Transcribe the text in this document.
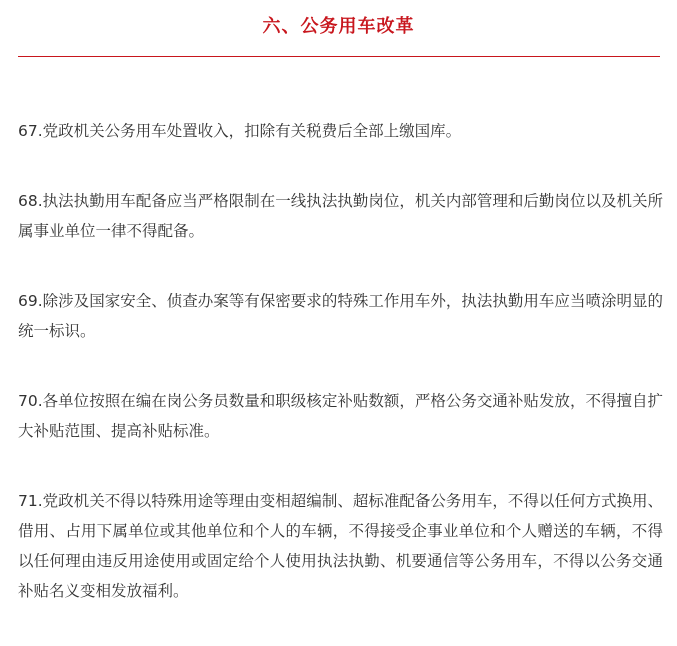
六、公务用车改革

67.党政机关公务用车处置收入，扣除有关税费后全部上缴国库。

68.执法执勤用车配备应当严格限制在一线执法执勤岗位，机关内部管理和后勤岗位以及机关所属事业单位一律不得配备。

69.除涉及国家安全、侦查办案等有保密要求的特殊工作用车外，执法执勤用车应当喷涂明显的统一标识。

70.各单位按照在编在岗公务员数量和职级核定补贴数额，严格公务交通补贴发放，不得擅自扩大补贴范围、提高补贴标准。

71.党政机关不得以特殊用途等理由变相超编制、超标准配备公务用车，不得以任何方式换用、借用、占用下属单位或其他单位和个人的车辆，不得接受企事业单位和个人赠送的车辆，不得以任何理由违反用途使用或固定给个人使用执法执勤、机要通信等公务用车，不得以公务交通补贴名义变相发放福利。
